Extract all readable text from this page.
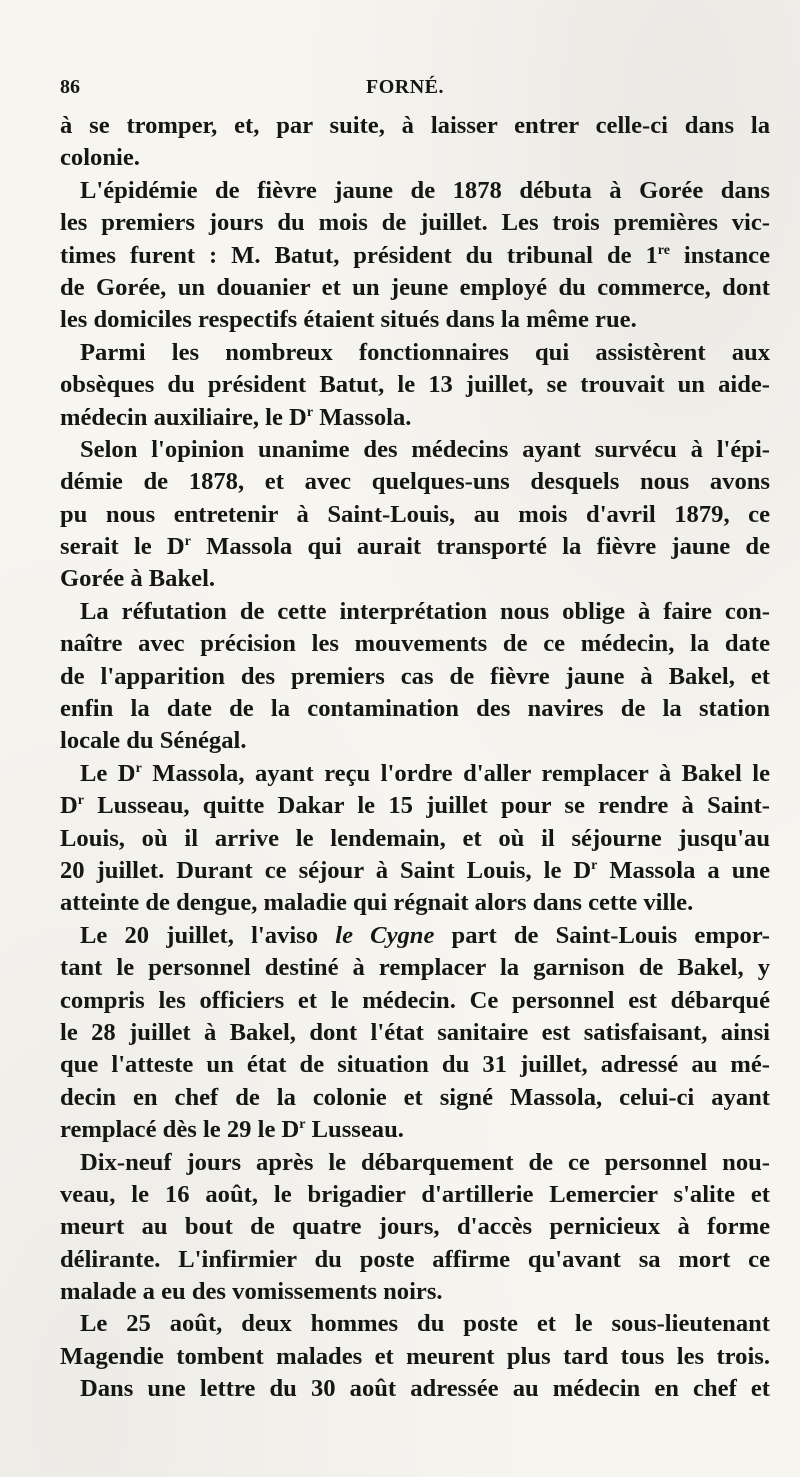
86	FORNÉ.
à se tromper, et, par suite, à laisser entrer celle-ci dans la
colonie.
L'épidémie de fièvre jaune de 1878 débuta à Gorée dans
les premiers jours du mois de juillet. Les trois premières vic-
times furent : M. Batut, président du tribunal de 1re instance
de Gorée, un douanier et un jeune employé du commerce, dont
les domiciles respectifs étaient situés dans la même rue.
Parmi les nombreux fonctionnaires qui assistèrent aux
obsèques du président Batut, le 13 juillet, se trouvait un aide-
médecin auxiliaire, le $D^r$ Massola.
Selon l'opinion unanime des médecins ayant survécu à l'épi-
démie de 1878, et avec quelques-uns desquels nous avons
pu nous entretenir à Saint-Louis, au mois d'avril 1879, ce
serait le $D^r$ Massola qui aurait transporté la fièvre jaune de
Gorée à Bakel.
La réfutation de cette interprétation nous oblige à faire con-
naître avec précision les mouvements de ce médecin, la date
de l'apparition des premiers cas de fièvre jaune à Bakel, et
enfin la date de la contamination des navires de la station
locale du Sénégal.
Le $D^r$ Massola, ayant reçu l'ordre d'aller remplacer à Bakel le
$D^r$ Lusseau, quitte Dakar le 15 juillet pour se rendre à Saint-
Louis, où il arrive le lendemain, et où il séjourne jusqu'au
20 juillet. Durant ce séjour à Saint Louis, le $D^r$ Massola a une
atteinte de dengue, maladie qui régnait alors dans cette ville.
Le 20 juillet, l'aviso le Cygne part de Saint-Louis empor-
tant le personnel destiné à remplacer la garnison de Bakel, y
compris les officiers et le médecin. Ce personnel est débarqué
le 28 juillet à Bakel, dont l'état sanitaire est satisfaisant, ainsi
que l'atteste un état de situation du 31 juillet, adressé au mé-
decin en chef de la colonie et signé Massola, celui-ci ayant
remplacé dès le 29 le $D^r$ Lusseau.
Dix-neuf jours après le débarquement de ce personnel nou-
veau, le 16 août, le brigadier d'artillerie Lemercier s'alite et
meurt au bout de quatre jours, d'accès pernicieux à forme
délirante. L'infirmier du poste affirme qu'avant sa mort ce
malade a eu des vomissements noirs.
Le 25 août, deux hommes du poste et le sous-lieutenant
Magendie tombent malades et meurent plus tard tous les trois.
Dans une lettre du 30 août adressée au médecin en chef et
